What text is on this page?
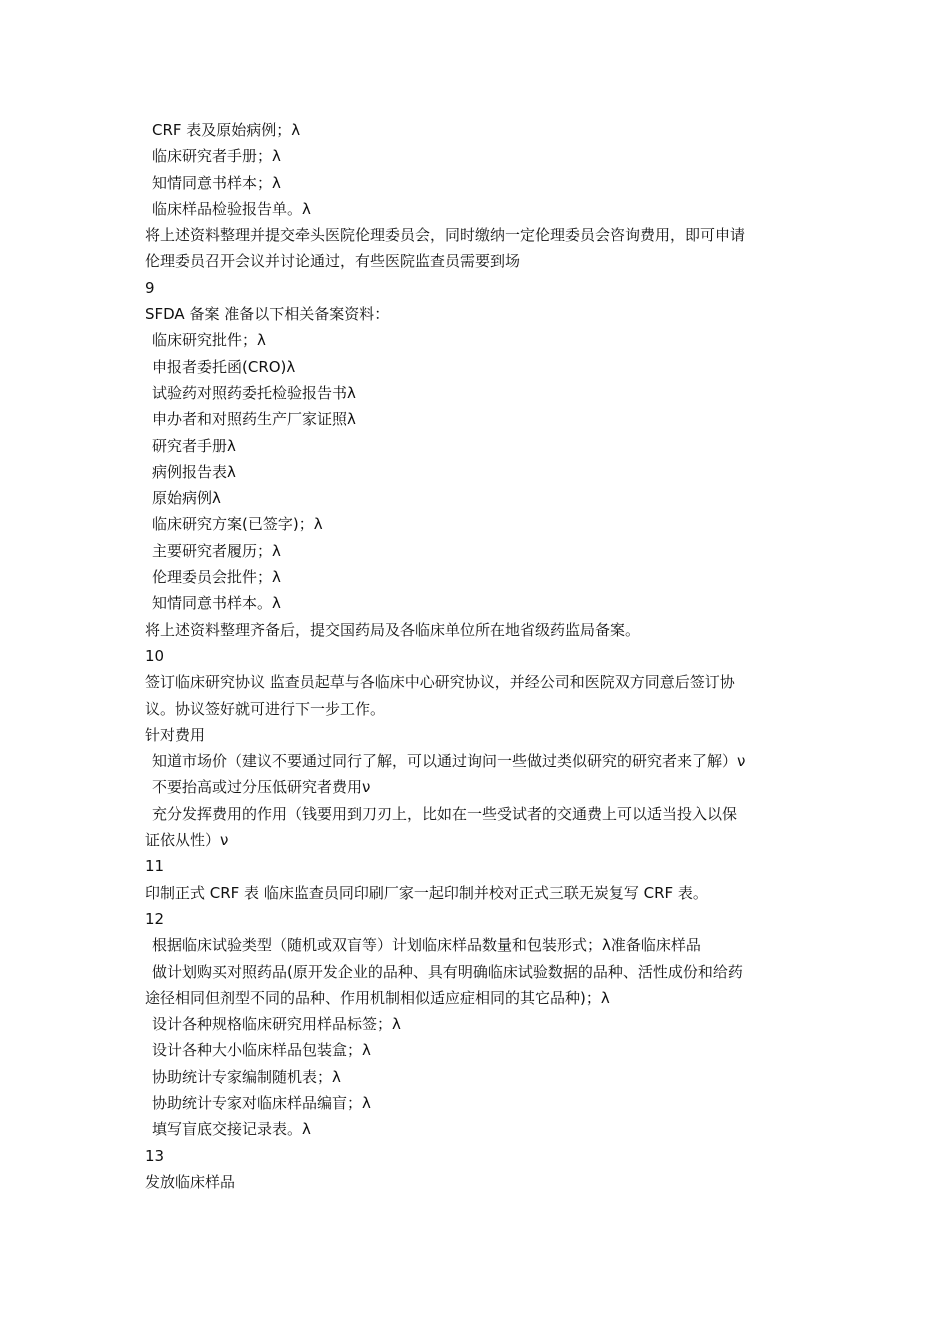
CRF 表及原始病例；λ
临床研究者手册；λ
知情同意书样本；λ
临床样品检验报告单。λ
将上述资料整理并提交牵头医院伦理委员会，同时缴纳一定伦理委员会咨询费用，即可申请
伦理委员召开会议并讨论通过，有些医院监查员需要到场
9
SFDA 备案 准备以下相关备案资料：
临床研究批件；λ
申报者委托函(CRO)λ
试验药对照药委托检验报告书λ
申办者和对照药生产厂家证照λ
研究者手册λ
病例报告表λ
原始病例λ
临床研究方案(已签字)；λ
主要研究者履历；λ
伦理委员会批件；λ
知情同意书样本。λ
将上述资料整理齐备后，提交国药局及各临床单位所在地省级药监局备案。
10
签订临床研究协议 监查员起草与各临床中心研究协议，并经公司和医院双方同意后签订协
议。协议签好就可进行下一步工作。
针对费用
知道市场价（建议不要通过同行了解，可以通过询问一些做过类似研究的研究者来了解）ν
不要抬高或过分压低研究者费用ν
充分发挥费用的作用（钱要用到刀刃上，比如在一些受试者的交通费上可以适当投入以保
证依从性）ν
11
印制正式 CRF 表 临床监查员同印刷厂家一起印制并校对正式三联无炭复写 CRF 表。
12
根据临床试验类型（随机或双盲等）计划临床样品数量和包装形式；λ准备临床样品
做计划购买对照药品(原开发企业的品种、具有明确临床试验数据的品种、活性成份和给药
途径相同但剂型不同的品种、作用机制相似适应症相同的其它品种)；λ
设计各种规格临床研究用样品标签；λ
设计各种大小临床样品包装盒；λ
协助统计专家编制随机表；λ
协助统计专家对临床样品编盲；λ
填写盲底交接记录表。λ
13
发放临床样品
